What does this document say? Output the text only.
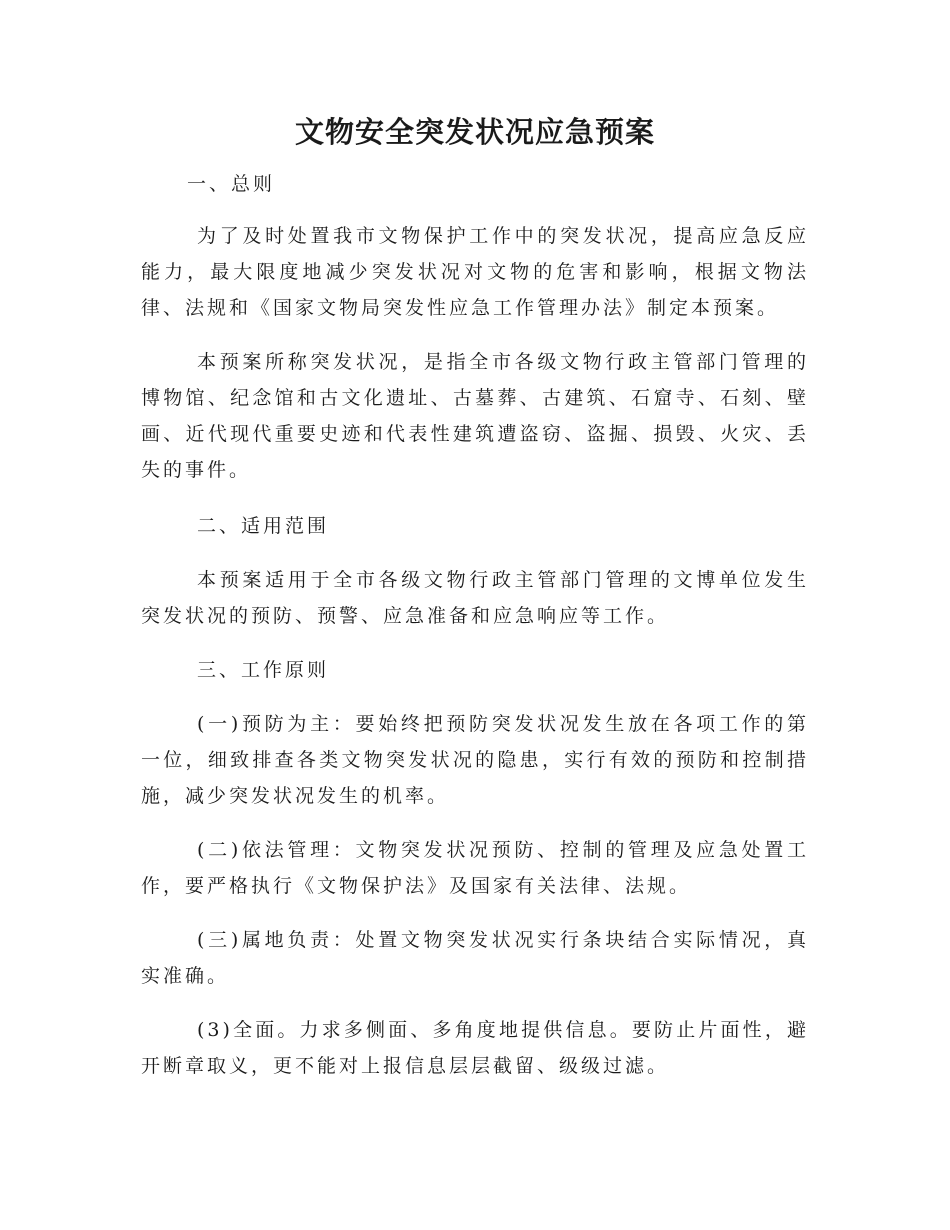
文物安全突发状况应急预案

一、总则

为了及时处置我市文物保护工作中的突发状况，提高应急反应能力，最大限度地减少突发状况对文物的危害和影响，根据文物法律、法规和《国家文物局突发性应急工作管理办法》制定本预案。

本预案所称突发状况，是指全市各级文物行政主管部门管理的博物馆、纪念馆和古文化遗址、古墓葬、古建筑、石窟寺、石刻、壁画、近代现代重要史迹和代表性建筑遭盗窃、盗掘、损毁、火灾、丢失的事件。

二、适用范围

本预案适用于全市各级文物行政主管部门管理的文博单位发生突发状况的预防、预警、应急准备和应急响应等工作。

三、工作原则

(一)预防为主：要始终把预防突发状况发生放在各项工作的第一位，细致排查各类文物突发状况的隐患，实行有效的预防和控制措施，减少突发状况发生的机率。

(二)依法管理：文物突发状况预防、控制的管理及应急处置工作，要严格执行《文物保护法》及国家有关法律、法规。

(三)属地负责：处置文物突发状况实行条块结合实际情况，真实准确。

(3)全面。力求多侧面、多角度地提供信息。要防止片面性，避开断章取义，更不能对上报信息层层截留、级级过滤。
